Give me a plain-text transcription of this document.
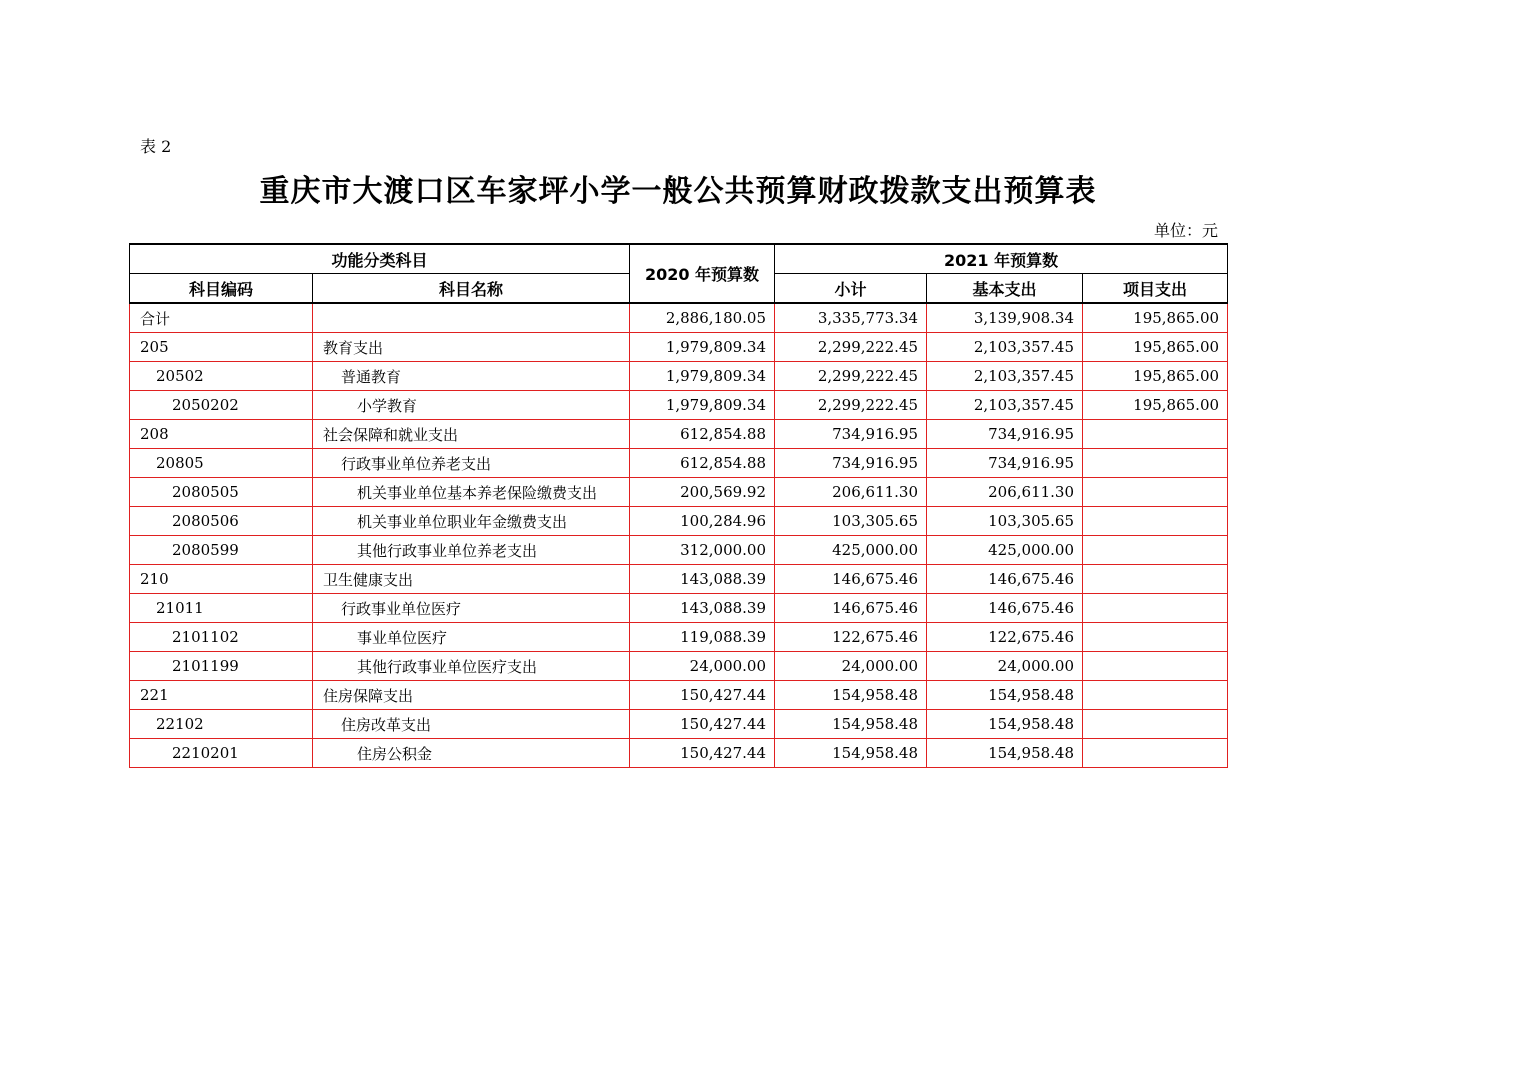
表 2
重庆市大渡口区车家坪小学一般公共预算财政拨款支出预算表
单位：元
功能分类科目		2020 年预算数	2021 年预算数		
科目编码	科目名称		小计	基本支出	项目支出
合计		2,886,180.05	3,335,773.34	3,139,908.34	195,865.00
205	教育支出	1,979,809.34	2,299,222.45	2,103,357.45	195,865.00
20502	普通教育	1,979,809.34	2,299,222.45	2,103,357.45	195,865.00
2050202	小学教育	1,979,809.34	2,299,222.45	2,103,357.45	195,865.00
208	社会保障和就业支出	612,854.88	734,916.95	734,916.95	
20805	行政事业单位养老支出	612,854.88	734,916.95	734,916.95	
2080505	机关事业单位基本养老保险缴费支出	200,569.92	206,611.30	206,611.30	
2080506	机关事业单位职业年金缴费支出	100,284.96	103,305.65	103,305.65	
2080599	其他行政事业单位养老支出	312,000.00	425,000.00	425,000.00	
210	卫生健康支出	143,088.39	146,675.46	146,675.46	
21011	行政事业单位医疗	143,088.39	146,675.46	146,675.46	
2101102	事业单位医疗	119,088.39	122,675.46	122,675.46	
2101199	其他行政事业单位医疗支出	24,000.00	24,000.00	24,000.00	
221	住房保障支出	150,427.44	154,958.48	154,958.48	
22102	住房改革支出	150,427.44	154,958.48	154,958.48	
2210201	住房公积金	150,427.44	154,958.48	154,958.48	
